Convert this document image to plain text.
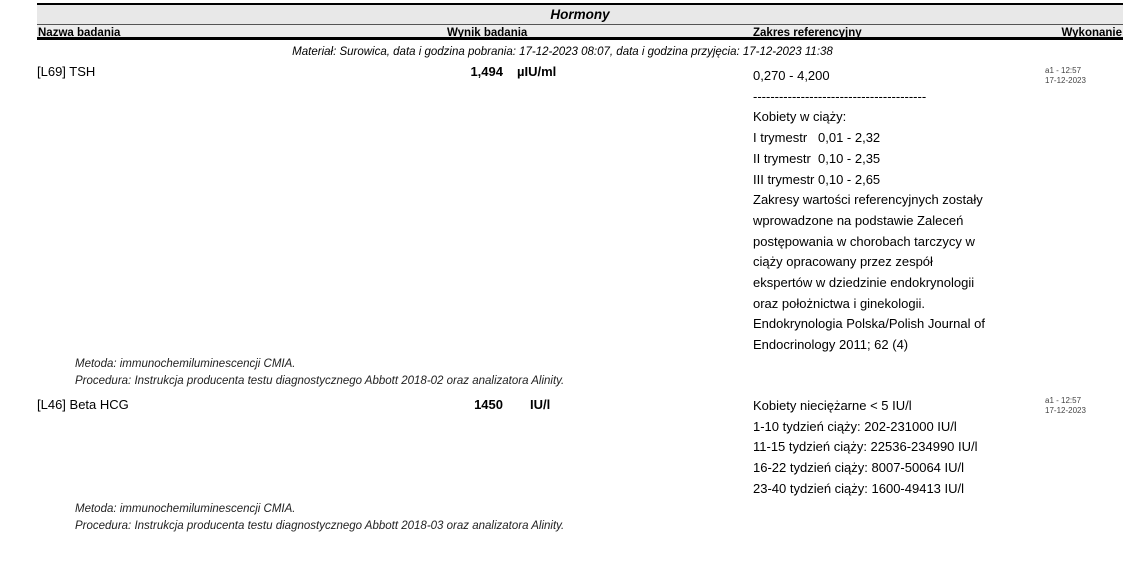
Hormony
Nazwa badania	Wynik badania	Zakres referencyjny	Wykonanie
Materiał: Surowica, data i godzina pobrania: 17-12-2023 08:07, data i godzina przyjęcia: 17-12-2023 11:38
[L69] TSH	1,494 µIU/ml	0,270 - 4,200
----------------------------------------
Kobiety w ciąży:
I trymestr   0,01 - 2,32
II trymestr  0,10 - 2,35
III trymestr 0,10 - 2,65
Zakresy wartości referencyjnych zostały
wprowadzone na podstawie Zaleceń
postępowania w chorobach tarczycy w
ciąży opracowany przez zespół
ekspertów w dziedzinie endokrynologii
oraz położnictwa i ginekologii.
Endokrynologia Polska/Polish Journal of
Endocrinology 2011; 62 (4)
a1 - 12:57
17-12-2023
Metoda: immunochemiluminescencji CMIA.
Procedura: Instrukcja producenta testu diagnostycznego Abbott 2018-02 oraz analizatora Alinity.
[L46] Beta HCG	1450 IU/l	Kobiety nieciężarne < 5 IU/l
1-10 tydzień ciąży: 202-231000 IU/l
11-15 tydzień ciąży: 22536-234990 IU/l
16-22 tydzień ciąży: 8007-50064 IU/l
23-40 tydzień ciąży: 1600-49413 IU/l
a1 - 12:57
17-12-2023
Metoda: immunochemiluminescencji CMIA.
Procedura: Instrukcja producenta testu diagnostycznego Abbott 2018-03 oraz analizatora Alinity.
